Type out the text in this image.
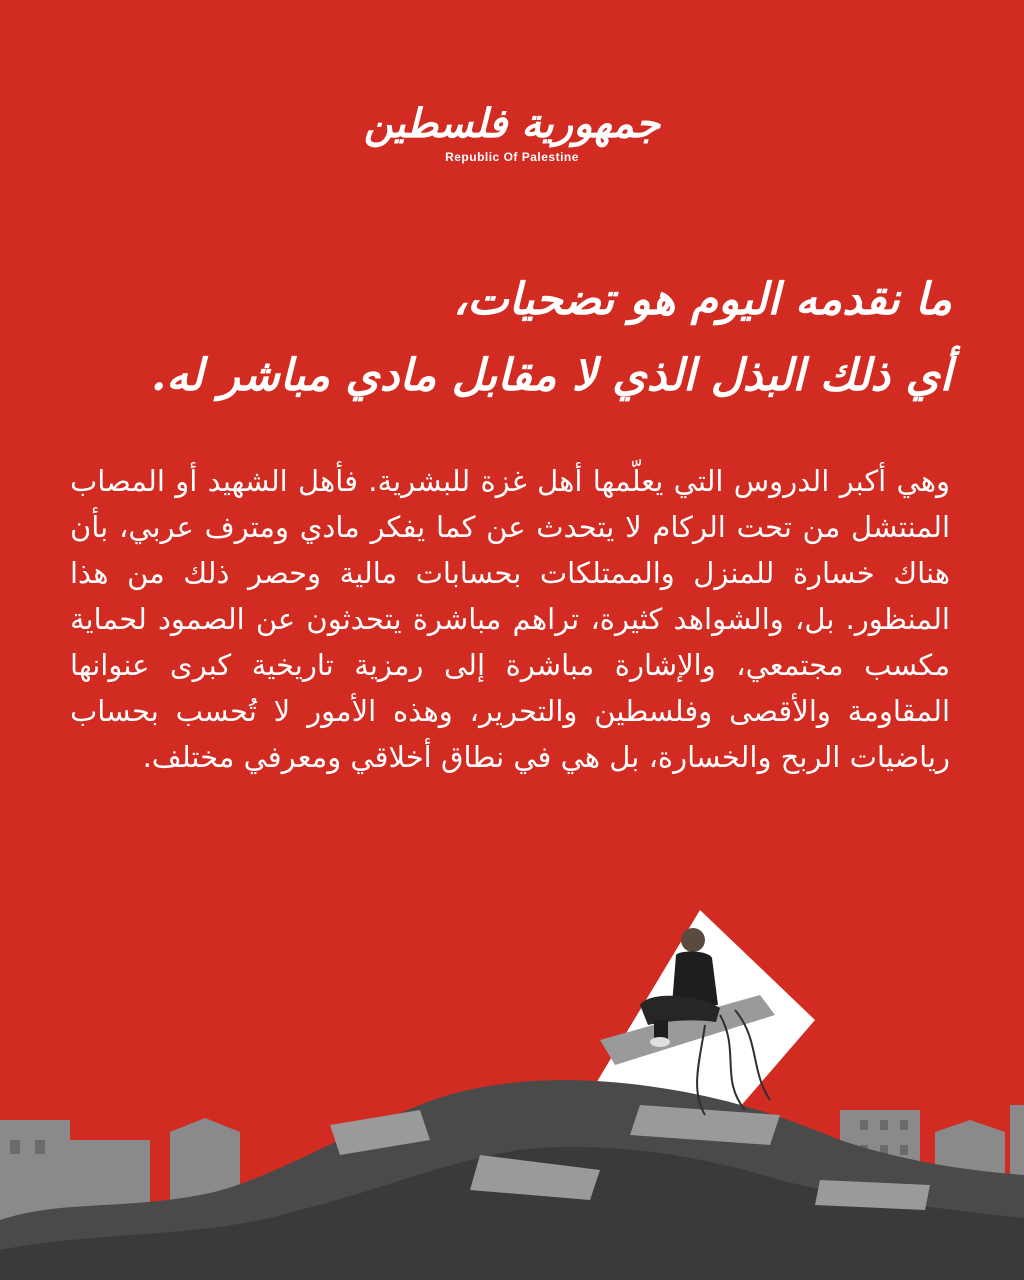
جمهورية فلسطين
Republic Of Palestine
ما نقدمه اليوم هو تضحيات،
أي ذلك البذل الذي لا مقابل مادي مباشر له.
وهي أكبر الدروس التي يعلّمها أهل غزة للبشرية. فأهل الشهيد أو المصاب المنتشل من تحت الركام لا يتحدث عن كما يفكر مادي ومترف عربي، بأن هناك خسارة للمنزل والممتلكات بحسابات مالية وحصر ذلك من هذا المنظور. بل، والشواهد كثيرة، تراهم مباشرة يتحدثون عن الصمود لحماية مكسب مجتمعي، والإشارة مباشرة إلى رمزية تاريخية كبرى عنوانها المقاومة والأقصى وفلسطين والتحرير، وهذه الأمور لا تُحسب بحساب رياضيات الربح والخسارة، بل هي في نطاق أخلاقي ومعرفي مختلف.
